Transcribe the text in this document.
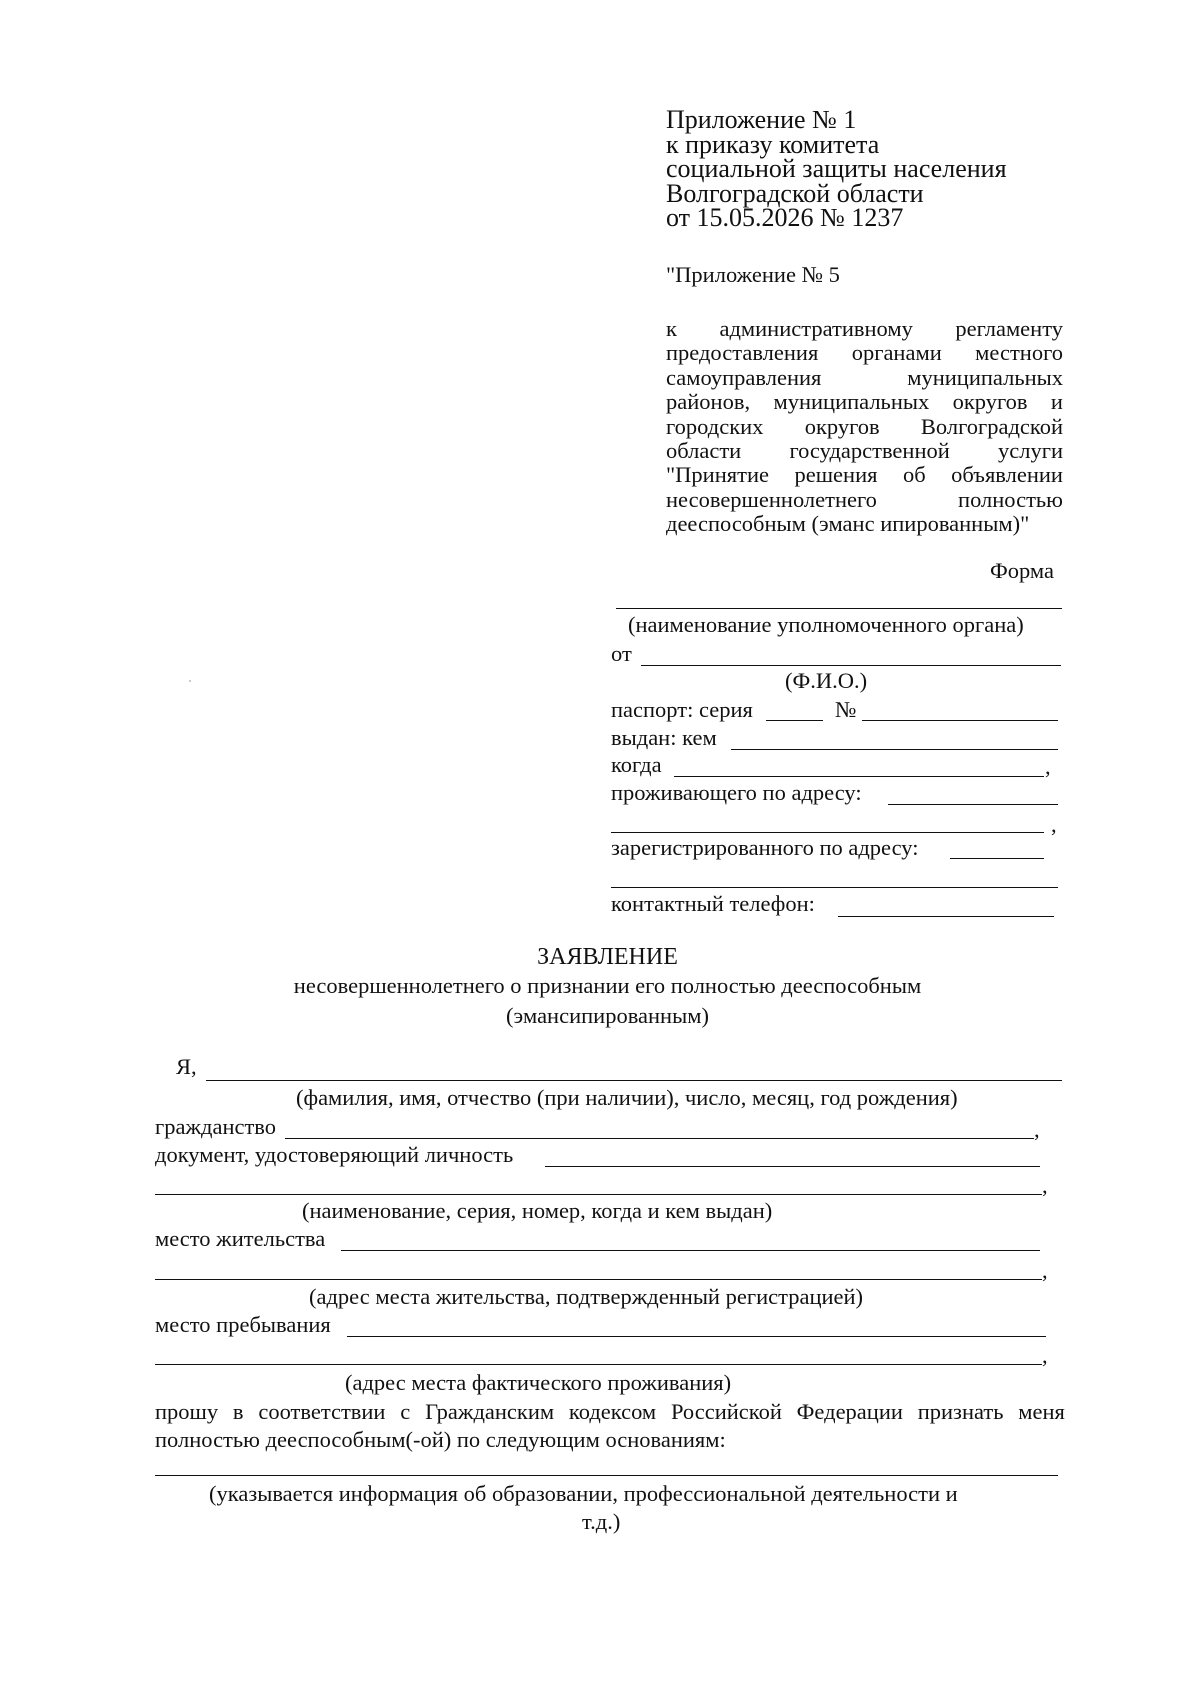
Приложение № 1
к приказу комитета
социальной защиты населения
Волгоградской области
от 15.05.2026 № 1237
"Приложение № 5
к административному регламенту
предоставления органами местного
самоуправления	муниципальных
районов, муниципальных округов и
городских округов Волгоградской
области государственной услуги
"Принятие решения об объявлении
несовершеннолетнего	полностью
дееспособным (эманс ипированным)"
Форма
(наименование уполномоченного органа)
от
(Ф.И.О.)
паспорт: серия	№
выдан: кем
когда	,
проживающего по адресу:
,
зарегистрированного по адресу:
контактный телефон:
ЗАЯВЛЕНИЕ
несовершеннолетнего о признании его полностью дееспособным
(эмансипированным)
Я,
(фамилия, имя, отчество (при наличии), число, месяц, год рождения)
гражданство	,
документ, удостоверяющий личность
,
(наименование, серия, номер, когда и кем выдан)
место жительства
,
(адрес места жительства, подтвержденный регистрацией)
место пребывания
,
(адрес места фактического проживания)
прошу в соответствии с Гражданским кодексом Российской Федерации признать меня
полностью дееспособным(-ой) по следующим основаниям:
(указывается информация об образовании, профессиональной деятельности и
т.д.)
